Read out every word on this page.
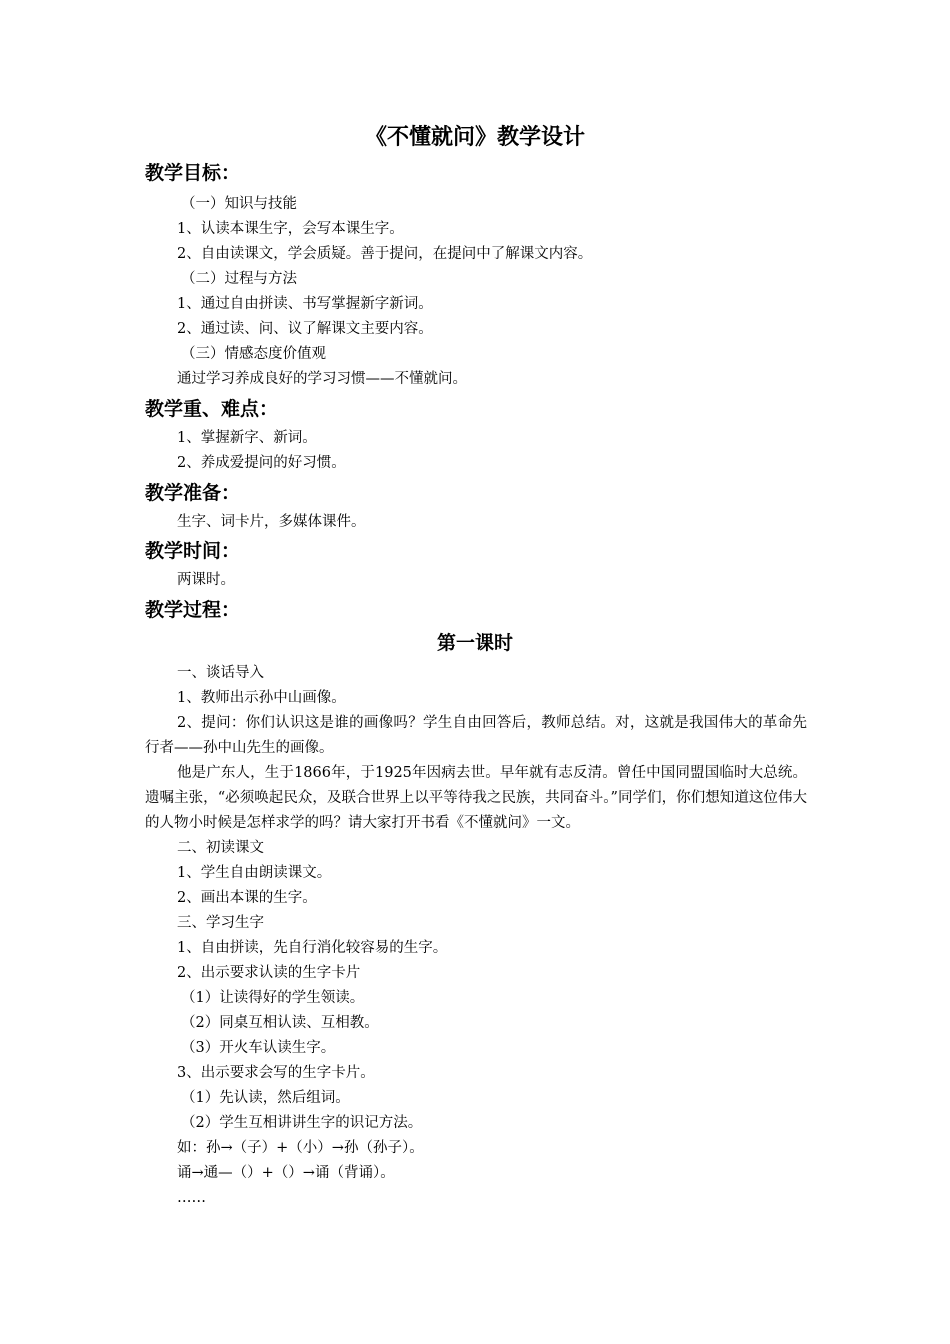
《不懂就问》教学设计
教学目标：
（一）知识与技能
1、认读本课生字，会写本课生字。
2、自由读课文，学会质疑。善于提问，在提问中了解课文内容。
（二）过程与方法
1、通过自由拼读、书写掌握新字新词。
2、通过读、问、议了解课文主要内容。
（三）情感态度价值观
通过学习养成良好的学习习惯——不懂就问。
教学重、难点：
1、掌握新字、新词。
2、养成爱提问的好习惯。
教学准备：
生字、词卡片，多媒体课件。
教学时间：
两课时。
教学过程：
第一课时
一、谈话导入
1、教师出示孙中山画像。

2、提问：你们认识这是谁的画像吗？学生自由回答后，教师总结。对，这就是我国伟大的革命先行者——孙中山先生的画像。

他是广东人，生于1866年，于1925年因病去世。早年就有志反清。曾任中国同盟国临时大总统。遗嘱主张，“必须唤起民众，及联合世界上以平等待我之民族，共同奋斗。”同学们，你们想知道这位伟大的人物小时候是怎样求学的吗？请大家打开书看《不懂就问》一文。

二、初读课文
1、学生自由朗读课文。
2、画出本课的生字。
三、学习生字
1、自由拼读，先自行消化较容易的生字。
2、出示要求认读的生字卡片
（1）让读得好的学生领读。
（2）同桌互相认读、互相教。
（3）开火车认读生字。
3、出示要求会写的生字卡片。
（1）先认读，然后组词。
（2）学生互相讲讲生字的识记方法。
如：孙→（子）+（小）→孙（孙子）。
诵→通—（）+（）→诵（背诵）。
……
